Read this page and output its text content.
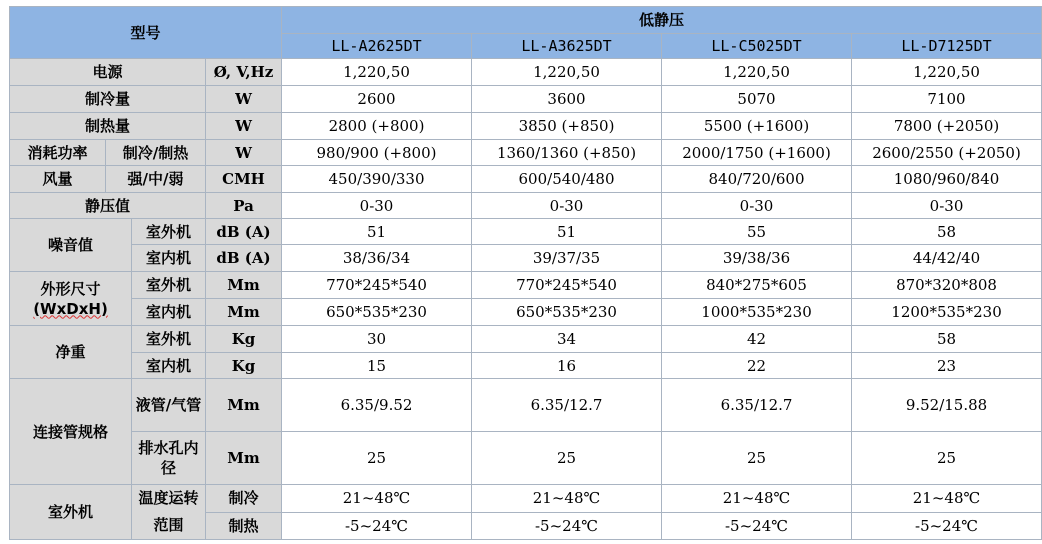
型号				低静压			
				LL-A2625DT	LL-A3625DT	LL-C5025DT	LL-D7125DT
电源			Ø, V,Hz	1,220,50	1,220,50	1,220,50	1,220,50
制冷量			W	2600	3600	5070	7100
制热量			W	2800 (+800)	3850 (+850)	5500 (+1600)	7800 (+2050)
消耗功率	制冷/制热		W	980/900 (+800)	1360/1360 (+850)	2000/1750 (+1600)	2600/2550 (+2050)
风量	强/中/弱		CMH	450/390/330	600/540/480	840/720/600	1080/960/840
静压值			Pa	0-30	0-30	0-30	0-30
噪音值		室外机	dB (A)	51	51	55	58
		室内机	dB (A)	38/36/34	39/37/35	39/38/36	44/42/40
外形尺寸
(WxDxH)		室外机	Mm	770*245*540	770*245*540	840*275*605	870*320*808
		室内机	Mm	650*535*230	650*535*230	1000*535*230	1200*535*230
净重		室外机	Kg	30	34	42	58
		室内机	Kg	15	16	22	23
连接管规格		液管/气管	Mm	6.35/9.52	6.35/12.7	6.35/12.7	9.52/15.88
		排水孔内径	Mm	25	25	25	25
室外机		温度运转范围	制冷	21~48℃	21~48℃	21~48℃	21~48℃
			制热	-5~24℃	-5~24℃	-5~24℃	-5~24℃
